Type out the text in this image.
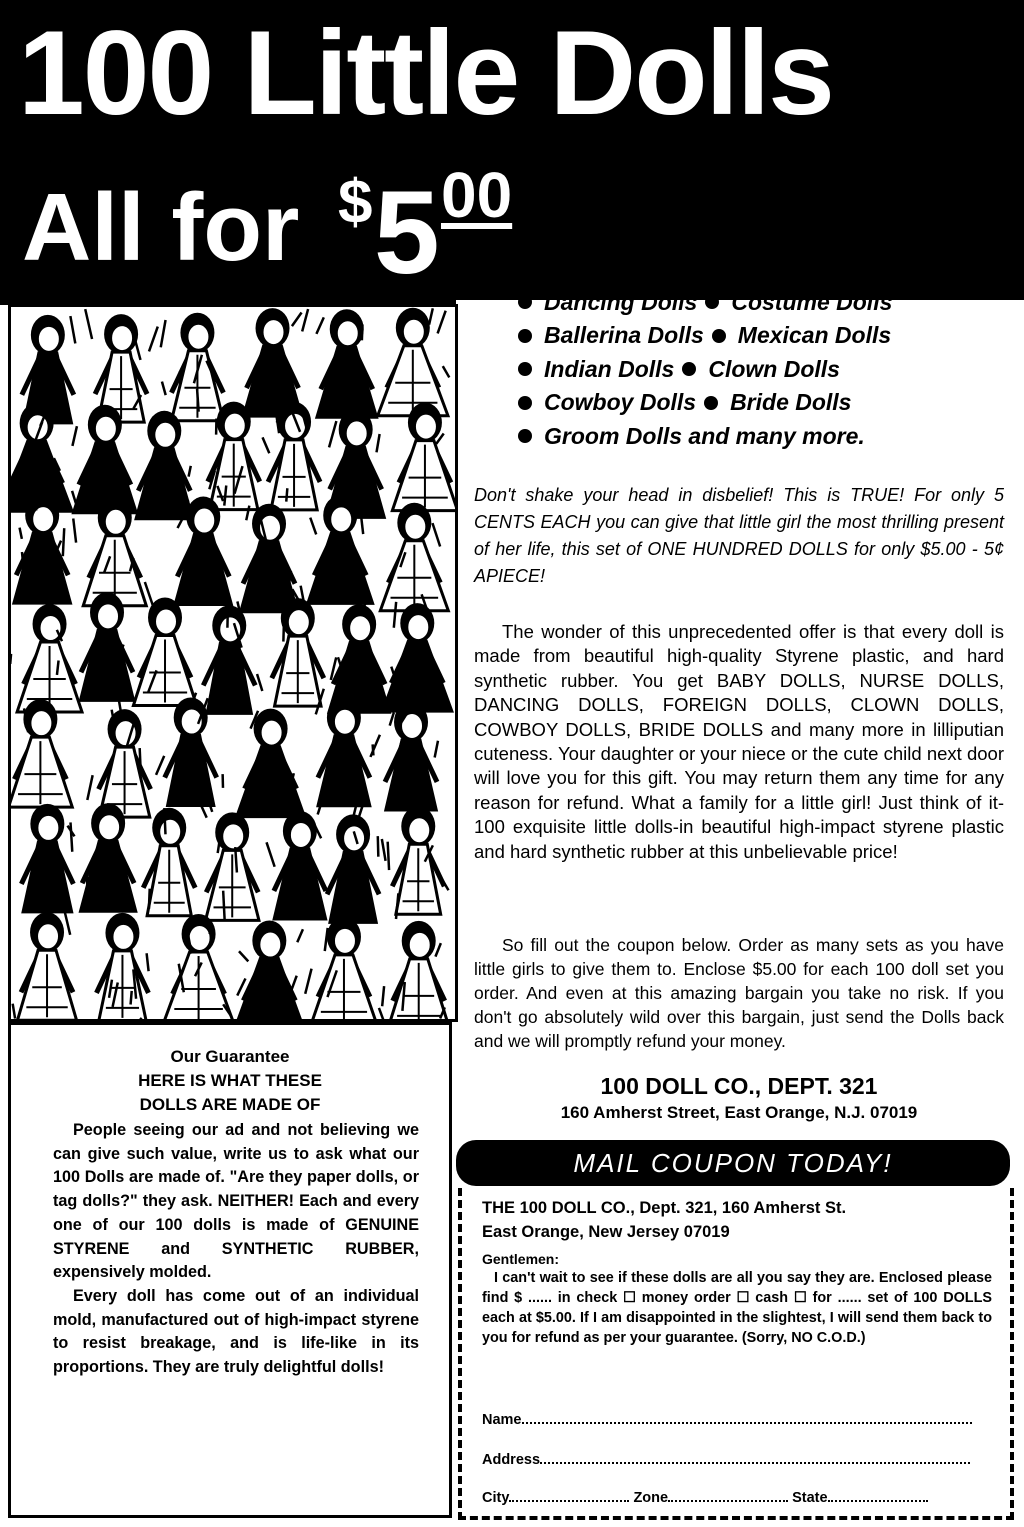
100 Little Dolls
All for $ 5 00
Baby Dolls Nurse Dolls
Dancing Dolls Costume Dolls
Ballerina Dolls Mexican Dolls
Indian Dolls Clown Dolls
Cowboy Dolls Bride Dolls
Groom Dolls and many more.
Don't shake your head in disbelief! This is TRUE! For only 5 CENTS EACH you can give that little girl the most thrilling present of her life, this set of ONE HUNDRED DOLLS for only $5.00 - 5¢ APIECE!

The wonder of this unprecedented offer is that every doll is made from beautiful high-quality Styrene plastic, and hard synthetic rubber. You get BABY DOLLS, NURSE DOLLS, DANCING DOLLS, FOREIGN DOLLS, CLOWN DOLLS, COWBOY DOLLS, BRIDE DOLLS and many more in lilliputian cuteness. Your daughter or your niece or the cute child next door will love you for this gift. You may return them any time for any reason for refund. What a family for a little girl! Just think of it-100 exquisite little dolls-in beautiful high-impact styrene plastic and hard synthetic rubber at this unbelievable price!

So fill out the coupon below. Order as many sets as you have little girls to give them to. Enclose $5.00 for each 100 doll set you order. And even at this amazing bargain you take no risk. If you don't go absolutely wild over this bargain, just send the Dolls back and we will promptly refund your money.

100 DOLL CO., DEPT. 321
160 Amherst Street, East Orange, N.J. 07019
MAIL COUPON TODAY!
THE 100 DOLL CO., Dept. 321, 160 Amherst St.
East Orange, New Jersey 07019
Gentlemen:

I can't wait to see if these dolls are all you say they are. Enclosed please find $ ...... in check ☐ money order ☐ cash ☐ for ...... set of 100 DOLLS each at $5.00. If I am disappointed in the slightest, I will send them back to you for refund as per your guarantee. (Sorry, NO C.O.D.)

Name
Address
City	Zone	State
Our Guarantee
HERE IS WHAT THESE
DOLLS ARE MADE OF

People seeing our ad and not believing we can give such value, write us to ask what our 100 Dolls are made of. "Are they paper dolls, or tag dolls?" they ask. NEITHER! Each and every one of our 100 dolls is made of GENUINE STYRENE and SYNTHETIC RUBBER, expensively molded.

Every doll has come out of an individual mold, manufactured out of high-impact styrene to resist breakage, and is life-like in its proportions. They are truly delightful dolls!
